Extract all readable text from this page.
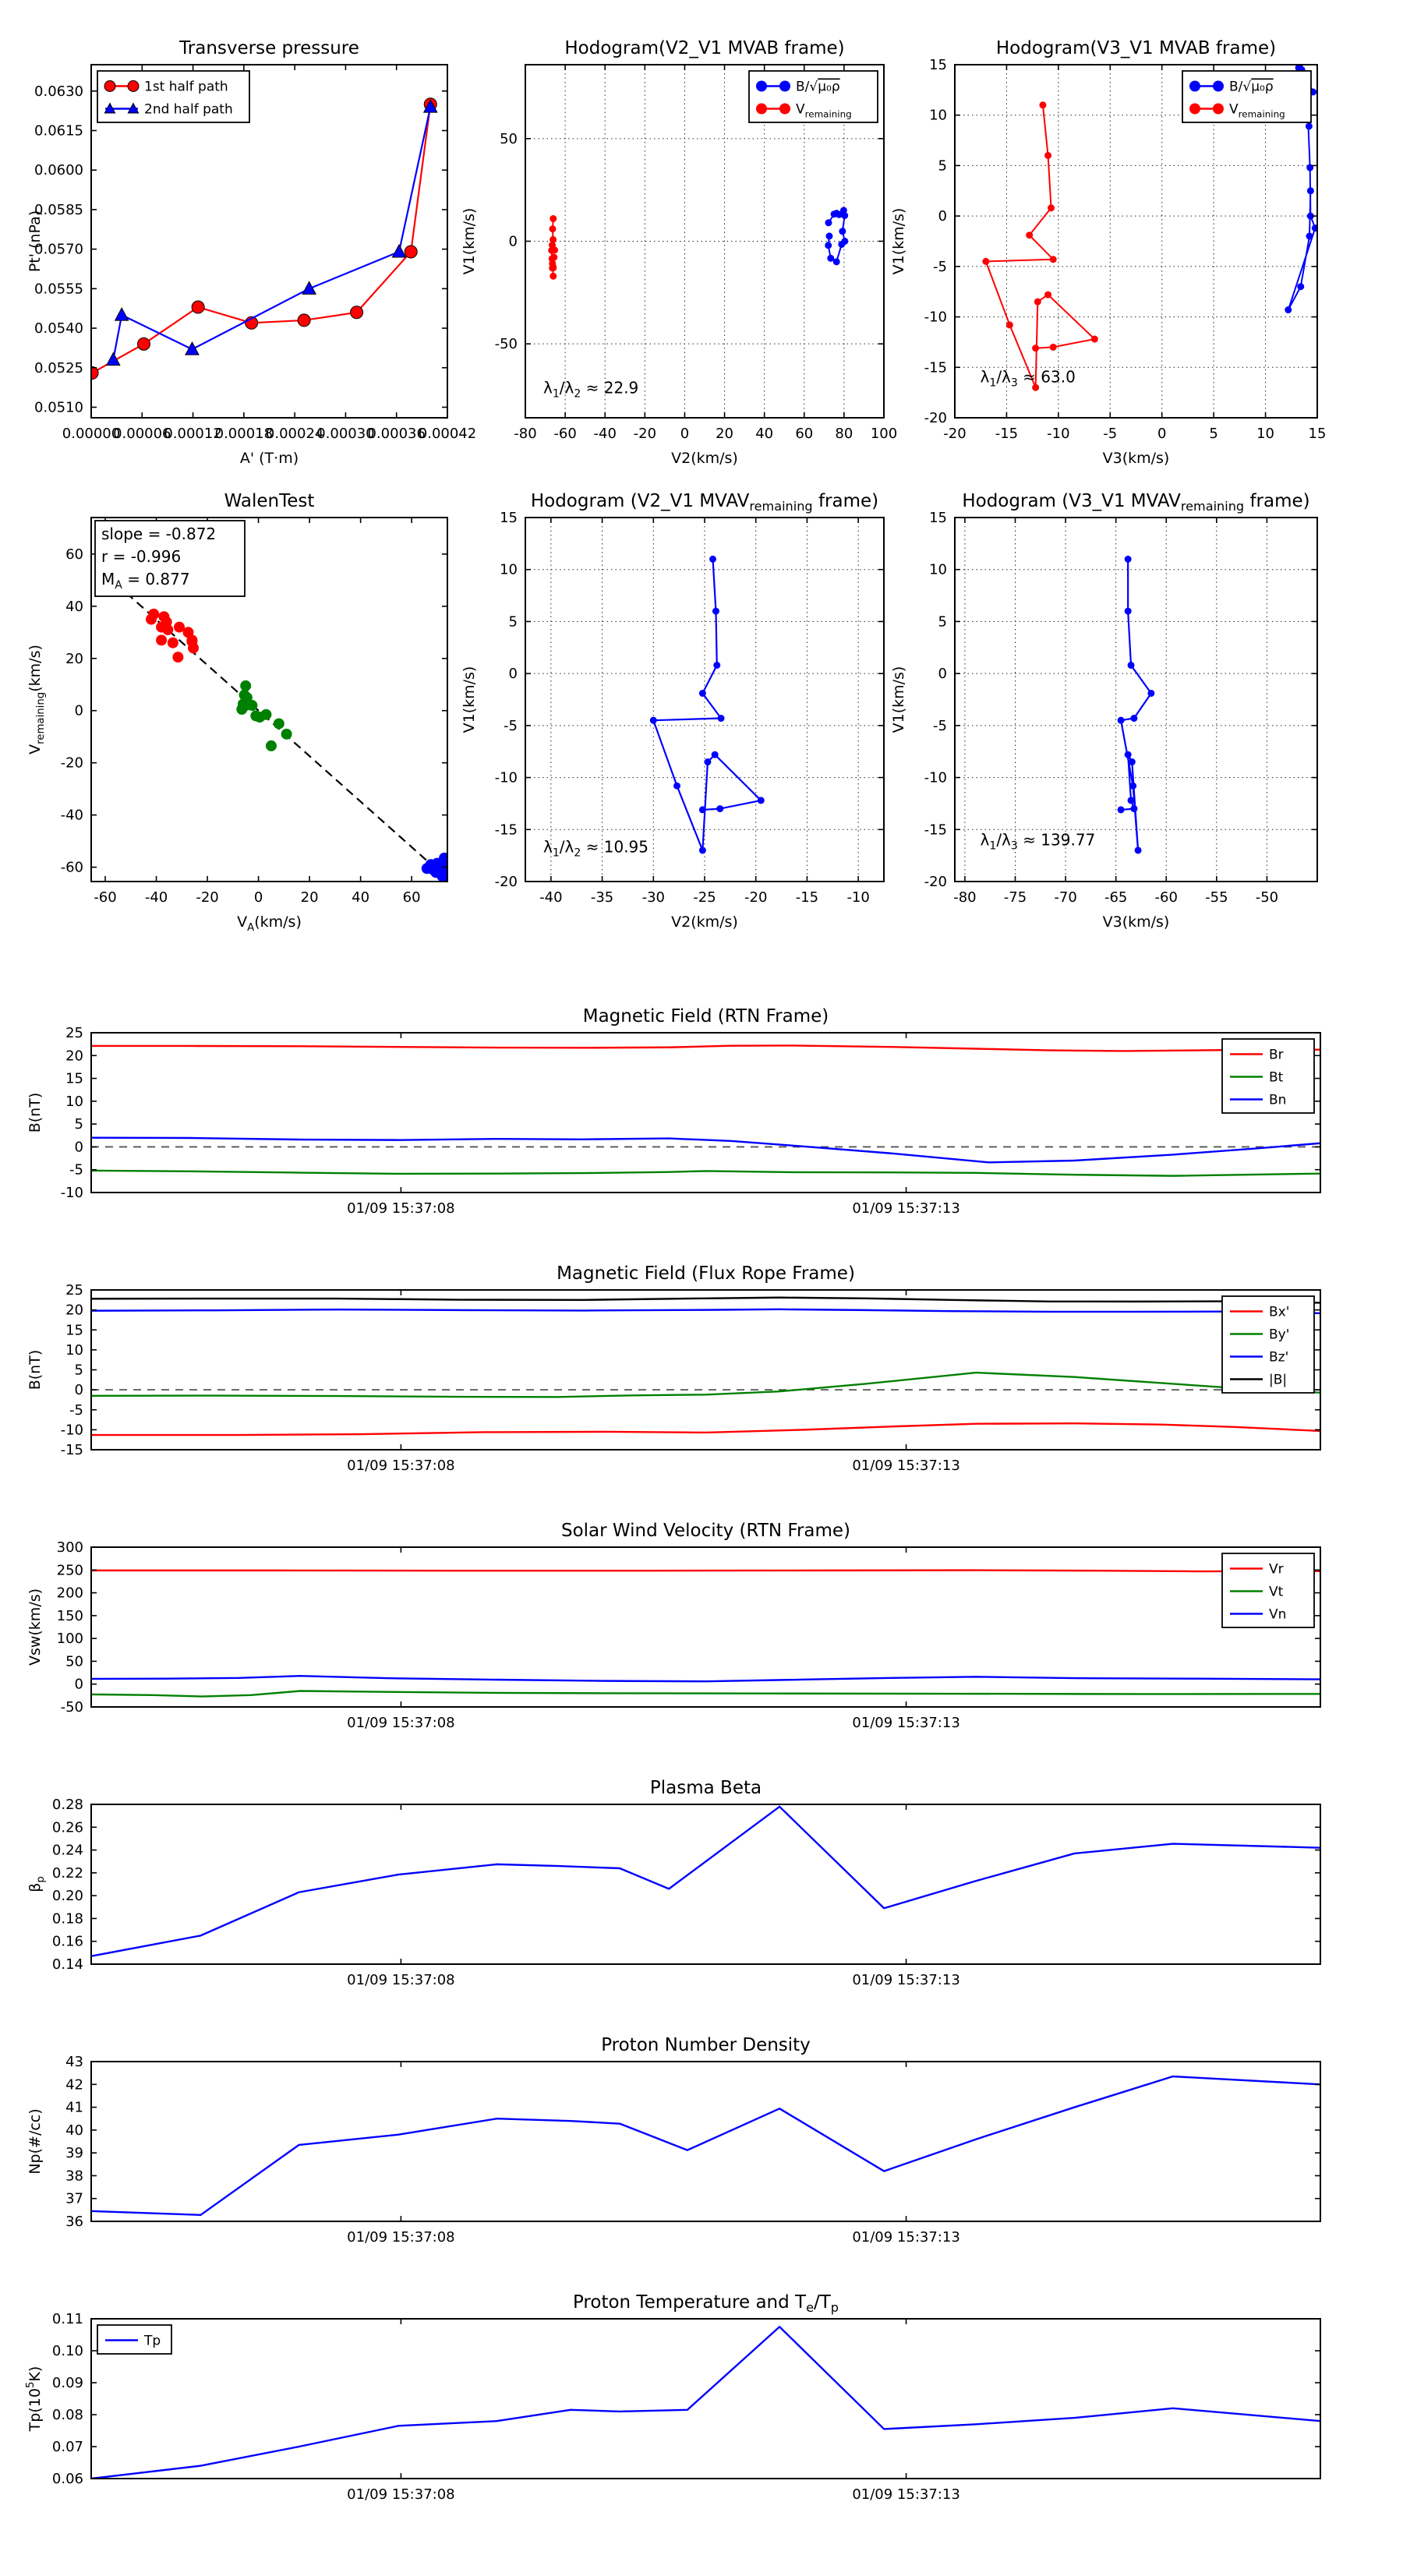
0.00000
0.00006
0.00012
0.00018
0.00024
0.00030
0.00036
0.00042
0.0510
0.0525
0.0540
0.0555
0.0570
0.0585
0.0600
0.0615
0.0630
Transverse pressure
A' (T·m)
Pt' (nPa)
1st half path
2nd half path
-80 -60 -40 -20 0 20 40 60 80 100
-50
0
50
Hodogram(V2_V1 MVAB frame)
V2(km/s)
V1(km/s)
$\lambda_1/\lambda_2 \approx 22.9$
B/√μ₀ρ
$V_{remaining}$
-20 -15 -10 -5	0	5	10 15
-20
-15
-10
-5
0
5
10
15
Hodogram(V3_V1 MVAB frame)
V3(km/s)
V1(km/s)
$\lambda_1/\lambda_3 \approx 63.0$
B/√μ₀ρ
$V_{remaining}$
-60 -40 -20	0	20 40 60
-60
-40
-20
0
20
40
60
WalenTest
$V_A(km/s)$
$V_{remaining}(km/s)$
slope = -0.872
r = -0.996
$M_A = 0.877$
-40 -35 -30 -25 -20 -15 -10
-20
-15
-10
-5
0
5
10
15
Hodogram (V2_V1 $MVAV_{remaining}$ frame)
V2(km/s)
V1(km/s)
$\lambda_1/\lambda_2 \approx 10.95$
-80 -75 -70 -65 -60 -55 -50
-20
-15
-10
-5
0
5
10
15
Hodogram (V3_V1 $MVAV_{remaining}$ frame)
V3(km/s)
V1(km/s)
$\lambda_1/\lambda_3 \approx 139.77$
01/09 15:37:08	01/09 15:37:13
-10
-5
0
5
10
15
20
25
Magnetic Field (RTN Frame)
B(nT)
Br
Bt
Bn
01/09 15:37:08	01/09 15:37:13
-15
-10
-5
0
5
10
15
20
25
Magnetic Field (Flux Rope Frame)
B(nT)
Bx'
By'
Bz'
|B|
01/09 15:37:08	01/09 15:37:13
-50
0
50
100
150
200
250
300
Solar Wind Velocity (RTN Frame)
Vsw(km/s)
Vr
Vt
Vn
01/09 15:37:08	01/09 15:37:13
0.14
0.16
0.18
0.20
0.22
0.24
0.26
0.28
Plasma Beta
$\beta_p$
01/09 15:37:08	01/09 15:37:13
36
37
38
39
40
41
42
43
Proton Number Density
Np(#/cc)
01/09 15:37:08	01/09 15:37:13
0.06
0.07
0.08
0.09
0.10
0.11
Proton Temperature and $T_e/T_p$
$Tp(10^5K)$
Tp
